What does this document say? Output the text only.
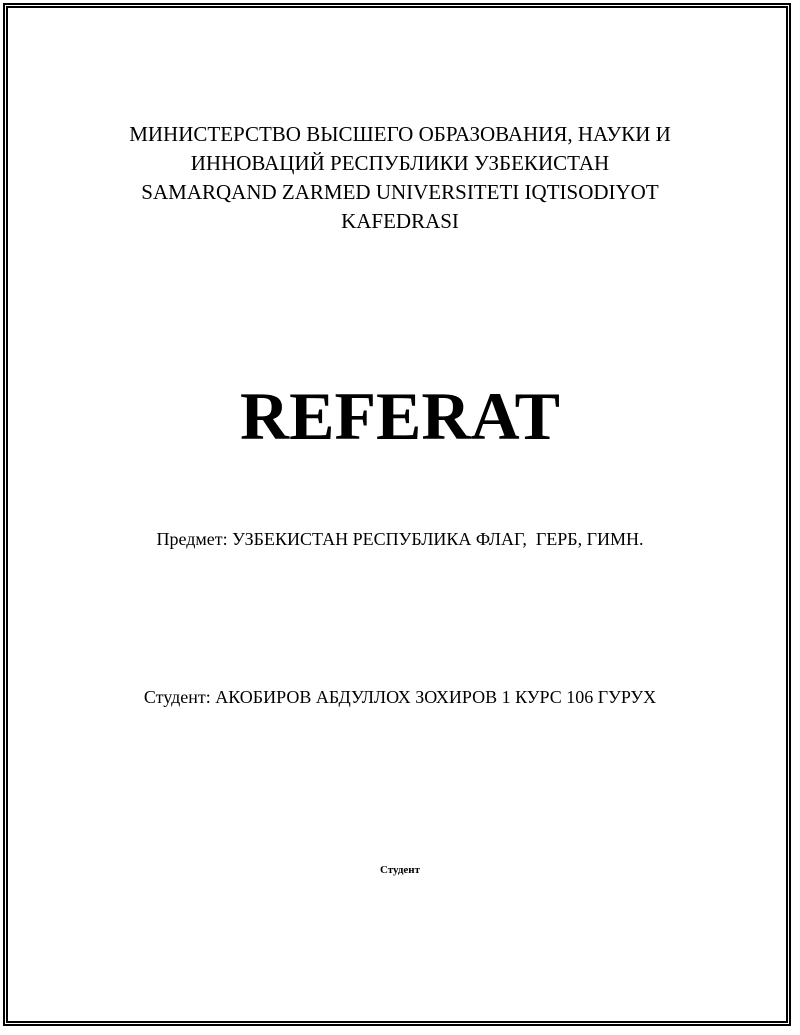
МИНИСТЕРСТВО ВЫСШЕГО ОБРАЗОВАНИЯ, НАУКИ И
ИННОВАЦИЙ РЕСПУБЛИКИ УЗБЕКИСТАН
SAMARQAND ZARMED UNIVERSITETI IQTISODIYOT
KAFEDRASI
REFERAT
Предмет: УЗБЕКИСТАН РЕСПУБЛИКА ФЛАГ,  ГЕРБ, ГИМН.
Студент: АКОБИРОВ АБДУЛЛОХ ЗОХИРОВ 1 КУРС 106 ГУРУХ
Студент
